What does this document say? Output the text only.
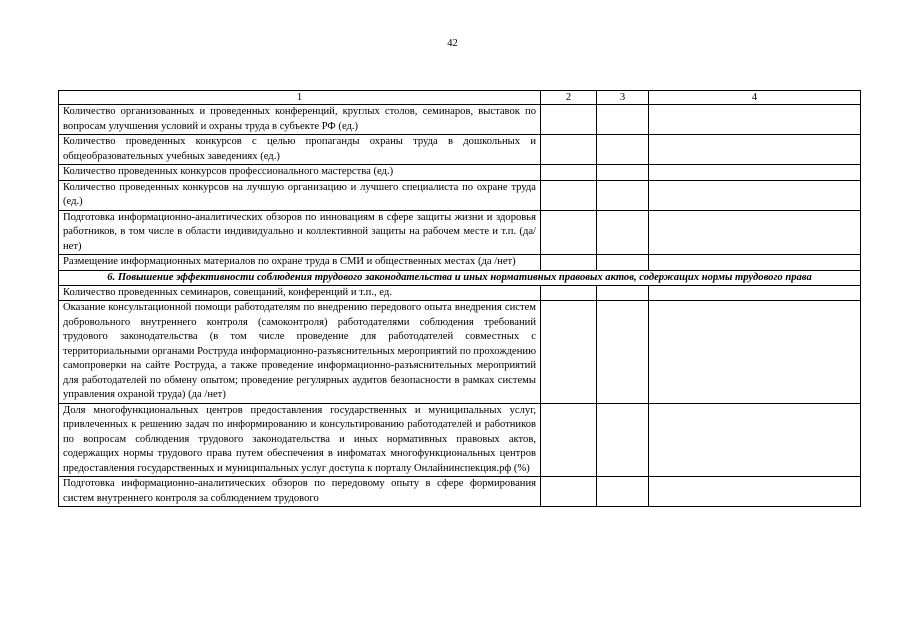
42
1	2	3	4
Количество организованных и проведенных конференций, круглых столов, семинаров, выставок по вопросам улучшения условий и охраны труда в субъекте РФ (ед.)			
Количество проведенных конкурсов с целью пропаганды охраны труда в дошкольных и общеобразовательных учебных заведениях (ед.)			
Количество проведенных конкурсов профессионального мастерства (ед.)			
Количество проведенных конкурсов на лучшую организацию и лучшего специалиста по охране труда (ед.)			
Подготовка информационно-аналитических обзоров по инновациям в сфере защиты жизни и здоровья работников, в том числе в области индивидуально и коллективной защиты на рабочем месте и т.п. (да/нет)			
Размещение информационных материалов по охране труда в СМИ и общественных местах (да /нет)			
6. Повышение эффективности соблюдения трудового законодательства и иных нормативных правовых актов, содержащих нормы трудового права			
Количество проведенных семинаров, совещаний, конференций и т.п., ед.			
Оказание консультационной помощи работодателям по внедрению передового опыта внедрения систем добровольного внутреннего контроля (самоконтроля) работодателями соблюдения требований трудового законодательства (в том числе проведение для работодателей совместных с территориальными органами Роструда информационно-разъяснительных мероприятий по прохождению самопроверки на сайте Роструда, а также проведение информационно-разъяснительных мероприятий для работодателей по обмену опытом; проведение регулярных аудитов безопасности в рамках системы управления охраной труда) (да /нет)			
Доля многофункциональных центров предоставления государственных и муниципальных услуг, привлеченных к решению задач по информированию и консультированию работодателей и работников по вопросам соблюдения трудового законодательства и иных нормативных правовых актов, содержащих нормы трудового права путем обеспечения в инфоматах многофункциональных центров предоставления государственных и муниципальных услуг доступа к порталу Онлайнинспекция.рф (%)			
Подготовка информационно-аналитических обзоров по передовому опыту в сфере формирования систем внутреннего контроля за соблюдением трудового			
